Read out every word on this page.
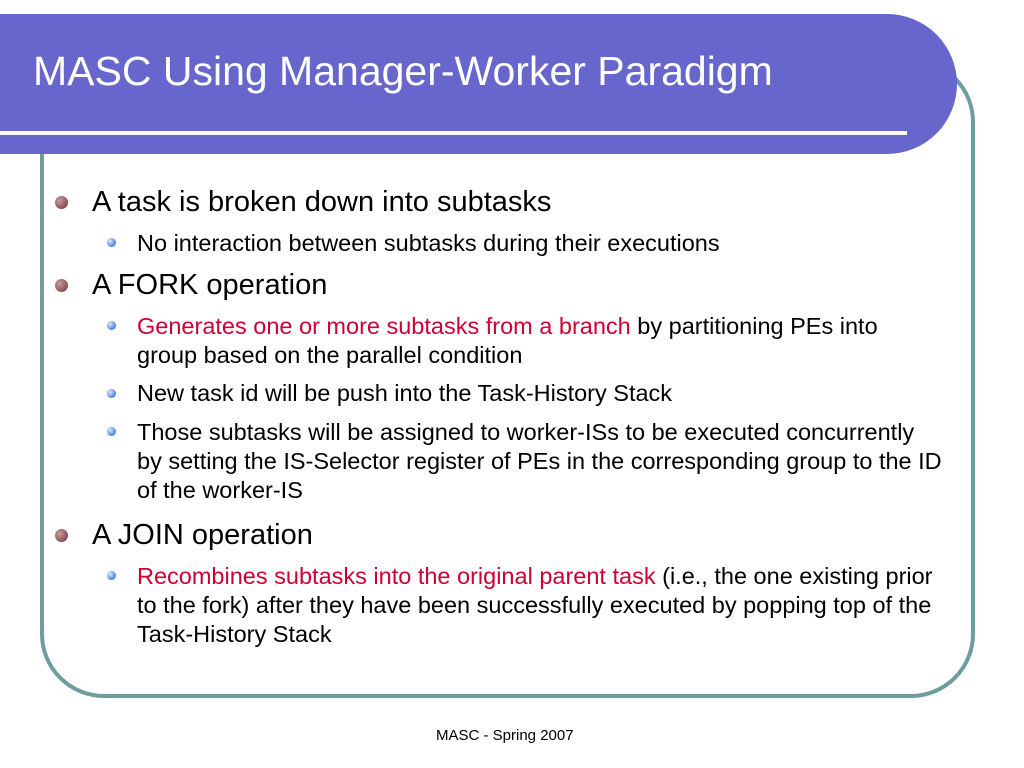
MASC Using Manager-Worker Paradigm
A task is broken down into subtasks
No interaction between subtasks during their executions
A FORK operation
Generates one or more subtasks from a branch by partitioning PEs into group based on the parallel condition
New task id will be push into the Task-History Stack
Those subtasks will be assigned to worker-ISs to be executed concurrently by setting the IS-Selector register of PEs in the corresponding group to the ID of the worker-IS
A JOIN operation
Recombines subtasks into the original parent task (i.e., the one existing prior to the fork) after they have been successfully executed by popping top of the Task-History Stack
MASC - Spring 2007
